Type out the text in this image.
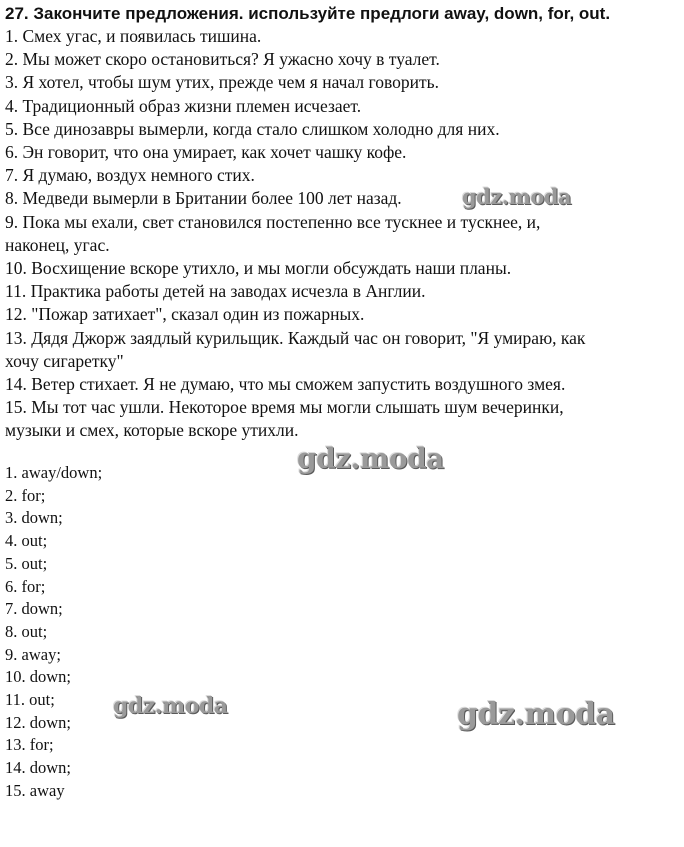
27. Закончите предложения. используйте предлоги away, down, for, out.
1. Смех угас, и появилась тишина.
2. Мы может скоро остановиться? Я ужасно хочу в туалет.
3. Я хотел, чтобы шум утих, прежде чем я начал говорить.
4. Традиционный образ жизни племен исчезает.
5. Все динозавры вымерли, когда стало слишком холодно для них.
6. Эн говорит, что она умирает, как хочет чашку кофе.
7. Я думаю, воздух немного стих.
8. Медведи вымерли в Британии более 100 лет назад.
9. Пока мы ехали, свет становился постепенно все тускнее и тускнее, и,
наконец, угас.
10. Восхищение вскоре утихло, и мы могли обсуждать наши планы.
11. Практика работы детей на заводах исчезла в Англии.
12. "Пожар затихает", сказал один из пожарных.
13. Дядя Джорж заядлый курильщик. Каждый час он говорит, "Я умираю, как
хочу сигаретку"
14. Ветер стихает. Я не думаю, что мы сможем запустить воздушного змея.
15. Мы тот час ушли. Некоторое время мы могли слышать шум вечеринки,
музыки и смех, которые вскоре утихли.
1. away/down;
2. for;
3. down;
4. out;
5. out;
6. for;
7. down;
8. out;
9. away;
10. down;
11. out;
12. down;
13. for;
14. down;
15. away
gdz.moda
gdz.moda
gdz.moda	gdz.moda
